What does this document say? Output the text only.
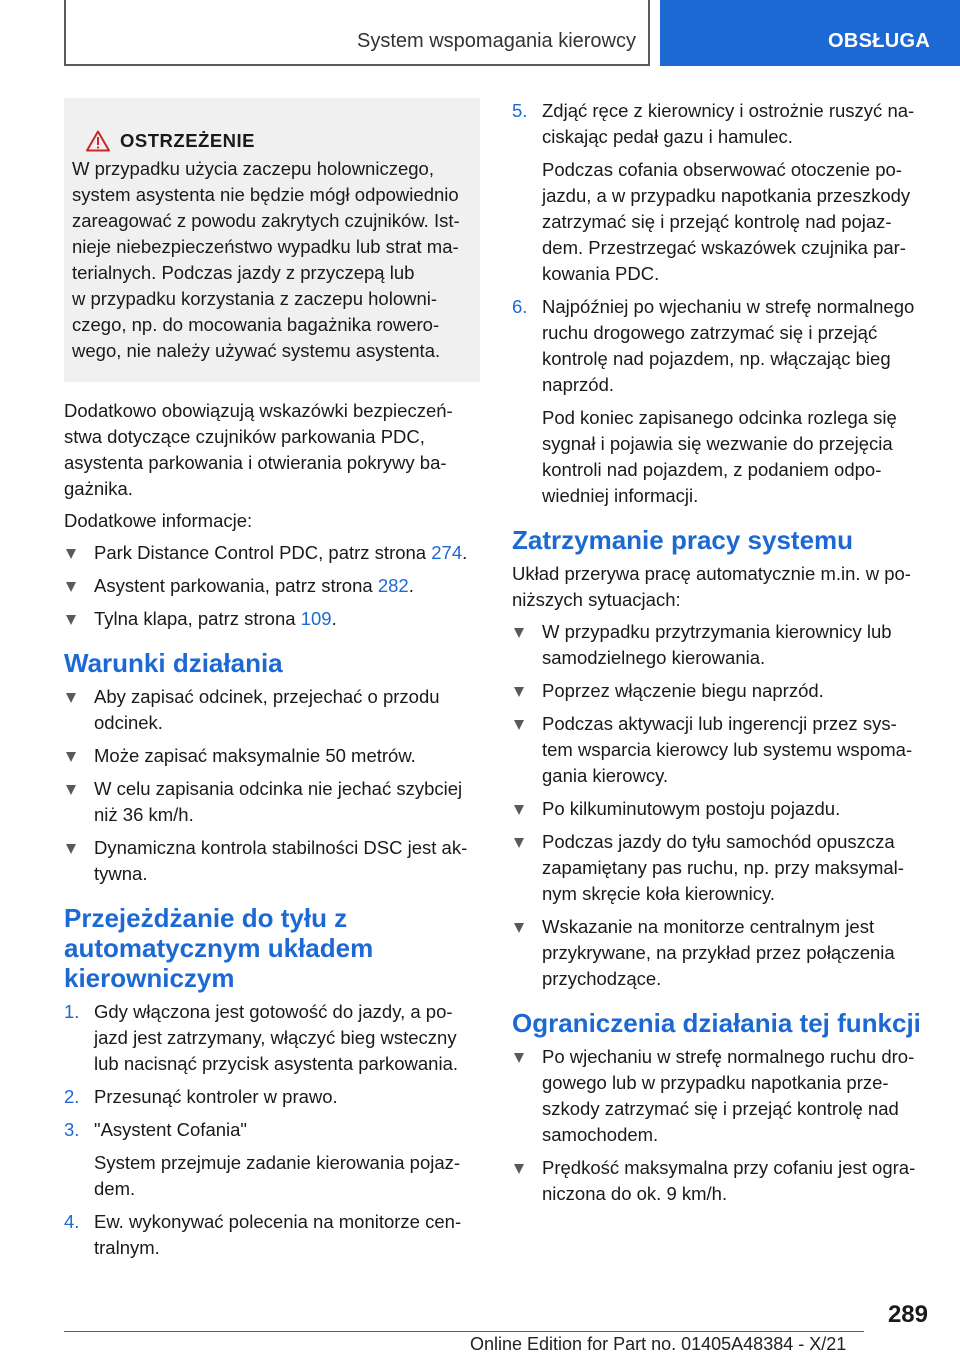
System wspomagania kierowcy	OBSŁUGA
OSTRZEŻENIE
W przypadku użycia zaczepu holowniczego,
system asystenta nie będzie mógł odpowiednio
zareagować z powodu zakrytych czujników. Ist-
nieje niebezpieczeństwo wypadku lub strat ma-
terialnych. Podczas jazdy z przyczepą lub
w przypadku korzystania z zaczepu holowni-
czego, np. do mocowania bagażnika rowero-
wego, nie należy używać systemu asystenta.
Dodatkowo obowiązują wskazówki bezpieczeń-
stwa dotyczące czujników parkowania PDC,
asystenta parkowania i otwierania pokrywy ba-
gażnika.
Dodatkowe informacje:
Park Distance Control PDC, patrz strona 274.
Asystent parkowania, patrz strona 282.
Tylna klapa, patrz strona 109.
Warunki działania
Aby zapisać odcinek, przejechać o przodu
odcinek.
Może zapisać maksymalnie 50 metrów.
W celu zapisania odcinka nie jechać szybciej
niż 36 km/h.
Dynamiczna kontrola stabilności DSC jest ak-
tywna.
Przejeżdżanie do tyłu z
automatycznym układem
kierowniczym
1. Gdy włączona jest gotowość do jazdy, a po-
jazd jest zatrzymany, włączyć bieg wsteczny
lub nacisnąć przycisk asystenta parkowania.
2. Przesunąć kontroler w prawo.
3. "Asystent Cofania"
System przejmuje zadanie kierowania pojaz-
dem.
4. Ew. wykonywać polecenia na monitorze cen-
tralnym.
5. Zdjąć ręce z kierownicy i ostrożnie ruszyć na-
ciskając pedał gazu i hamulec.
Podczas cofania obserwować otoczenie po-
jazdu, a w przypadku napotkania przeszkody
zatrzymać się i przejąć kontrolę nad pojaz-
dem. Przestrzegać wskazówek czujnika par-
kowania PDC.
6. Najpóźniej po wjechaniu w strefę normalnego
ruchu drogowego zatrzymać się i przejąć
kontrolę nad pojazdem, np. włączając bieg
naprzód.
Pod koniec zapisanego odcinka rozlega się
sygnał i pojawia się wezwanie do przejęcia
kontroli nad pojazdem, z podaniem odpo-
wiedniej informacji.
Zatrzymanie pracy systemu
Układ przerywa pracę automatycznie m.in. w po-
niższych sytuacjach:
W przypadku przytrzymania kierownicy lub
samodzielnego kierowania.
Poprzez włączenie biegu naprzód.
Podczas aktywacji lub ingerencji przez sys-
tem wsparcia kierowcy lub systemu wspoma-
gania kierowcy.
Po kilkuminutowym postoju pojazdu.
Podczas jazdy do tyłu samochód opuszcza
zapamiętany pas ruchu, np. przy maksymal-
nym skręcie koła kierownicy.
Wskazanie na monitorze centralnym jest
przykrywane, na przykład przez połączenia
przychodzące.
Ograniczenia działania tej funkcji
Po wjechaniu w strefę normalnego ruchu dro-
gowego lub w przypadku napotkania prze-
szkody zatrzymać się i przejąć kontrolę nad
samochodem.
Prędkość maksymalna przy cofaniu jest ogra-
niczona do ok. 9 km/h.
289
Online Edition for Part no. 01405A48384 - X/21
